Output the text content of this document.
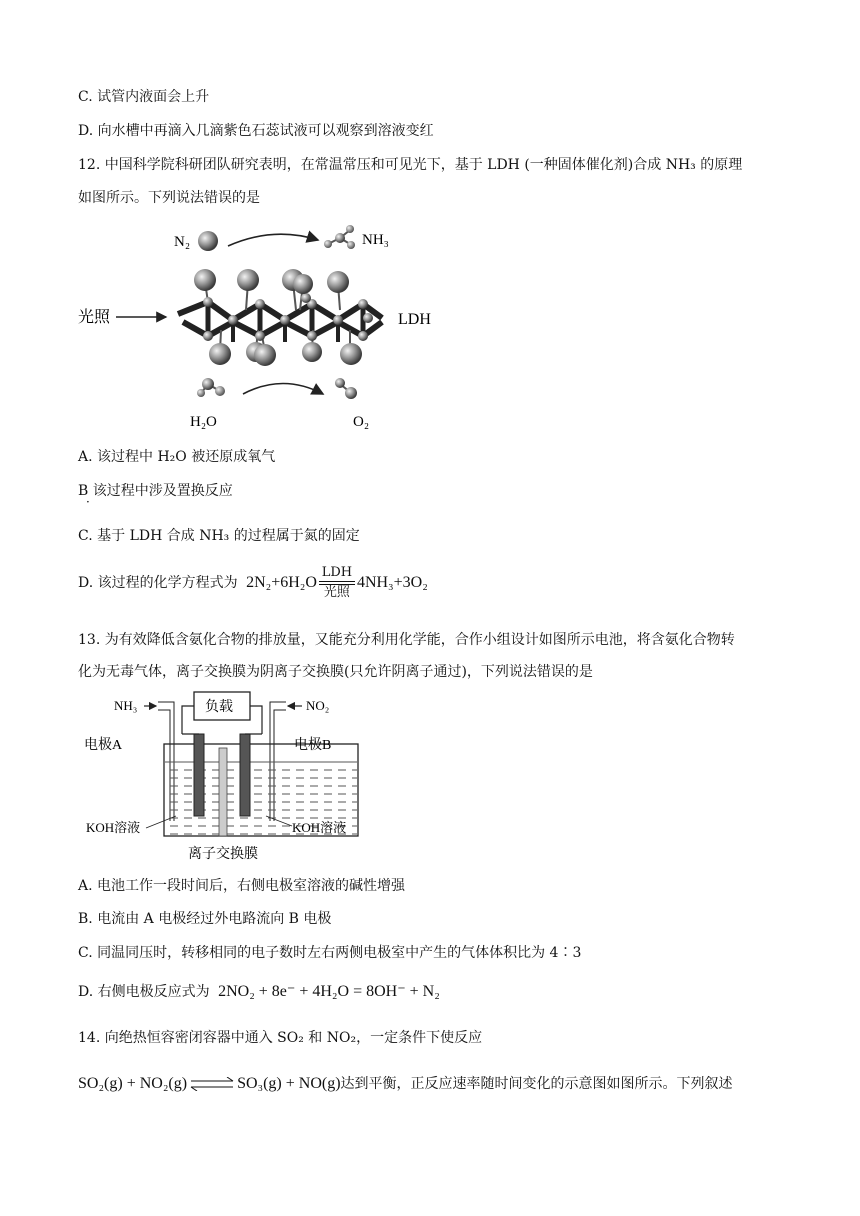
C. 试管内液面会上升
D. 向水槽中再滴入几滴紫色石蕊试液可以观察到溶液变红
12. 中国科学院科研团队研究表明，在常温常压和可见光下，基于 LDH (一种固体催化剂)合成 NH₃ 的原理
如图所示。下列说法错误的是
N₂	NH₃
光照	LDH
H₂O	O₂
A. 该过程中 H₂O 被还原成氧气
B 该过程中涉及置换反应
·
C. 基于 LDH 合成 NH₃ 的过程属于氮的固定
D. 该过程的化学方程式为 2N₂+6H₂O
LDH
光照
4NH₃+3O₂
13. 为有效降低含氨化合物的排放量，又能充分利用化学能，合作小组设计如图所示电池，将含氨化合物转
化为无毒气体，离子交换膜为阴离子交换膜(只允许阴离子通过)，下列说法错误的是
NH₃	NO₂
负载
电极A	电极B
KOH溶液	KOH溶液
离子交换膜
A. 电池工作一段时间后，右侧电极室溶液的碱性增强
B. 电流由 A 电极经过外电路流向 B 电极
C. 同温同压时，转移相同的电子数时左右两侧电极室中产生的气体体积比为 4∶3
D. 右侧电极反应式为 2NO₂ + 8e⁻ + 4H₂O = 8OH⁻ + N₂
14. 向绝热恒容密闭容器中通入 SO₂ 和 NO₂，一定条件下使反应
SO₂(g) + NO₂(g) ⇌ SO₃(g) + NO(g)达到平衡，正反应速率随时间变化的示意图如图所示。下列叙述
